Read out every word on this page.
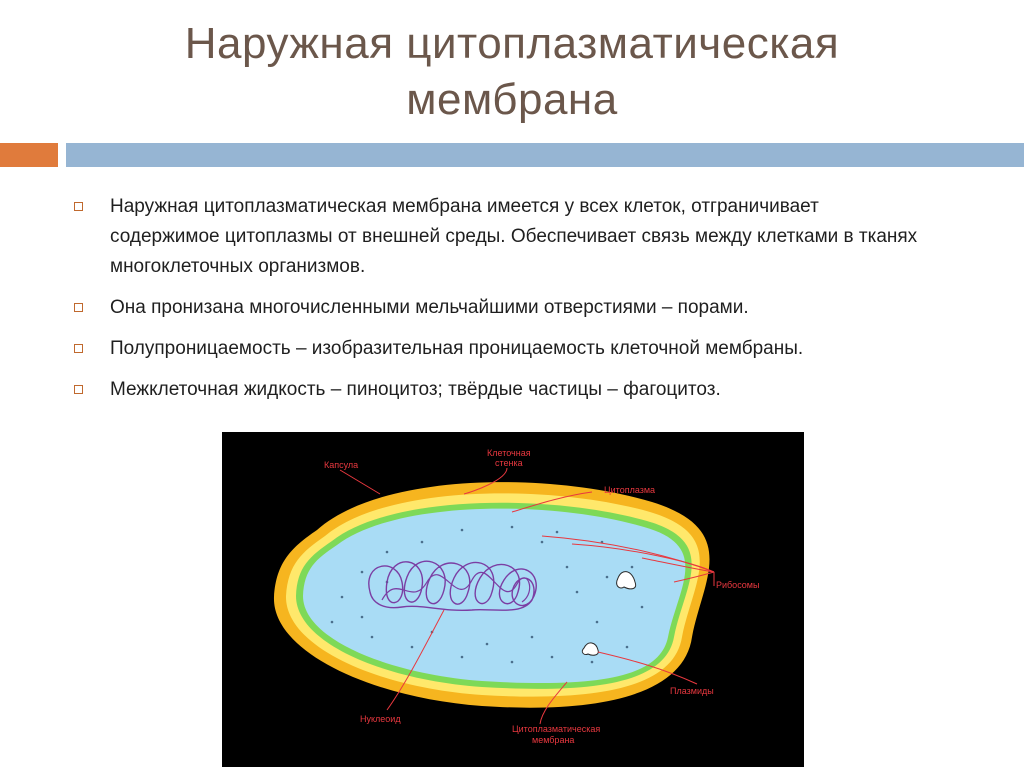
Наружная цитоплазматическая
мембрана
Наружная цитоплазматическая мембрана имеется у всех клеток, отграничивает содержимое цитоплазмы от внешней среды. Обеспечивает связь между клетками в тканях многоклеточных организмов.
Она пронизана многочисленными мельчайшими отверстиями – порами.
Полупроницаемость – изобразительная проницаемость клеточной мембраны.
Межклеточная жидкость – пиноцитоз; твёрдые частицы – фагоцитоз.
Капсула
Клеточная
стенка
Цитоплазма
Рибосомы
Плазмиды
Нуклеоид
Цитоплазматическая
мембрана
